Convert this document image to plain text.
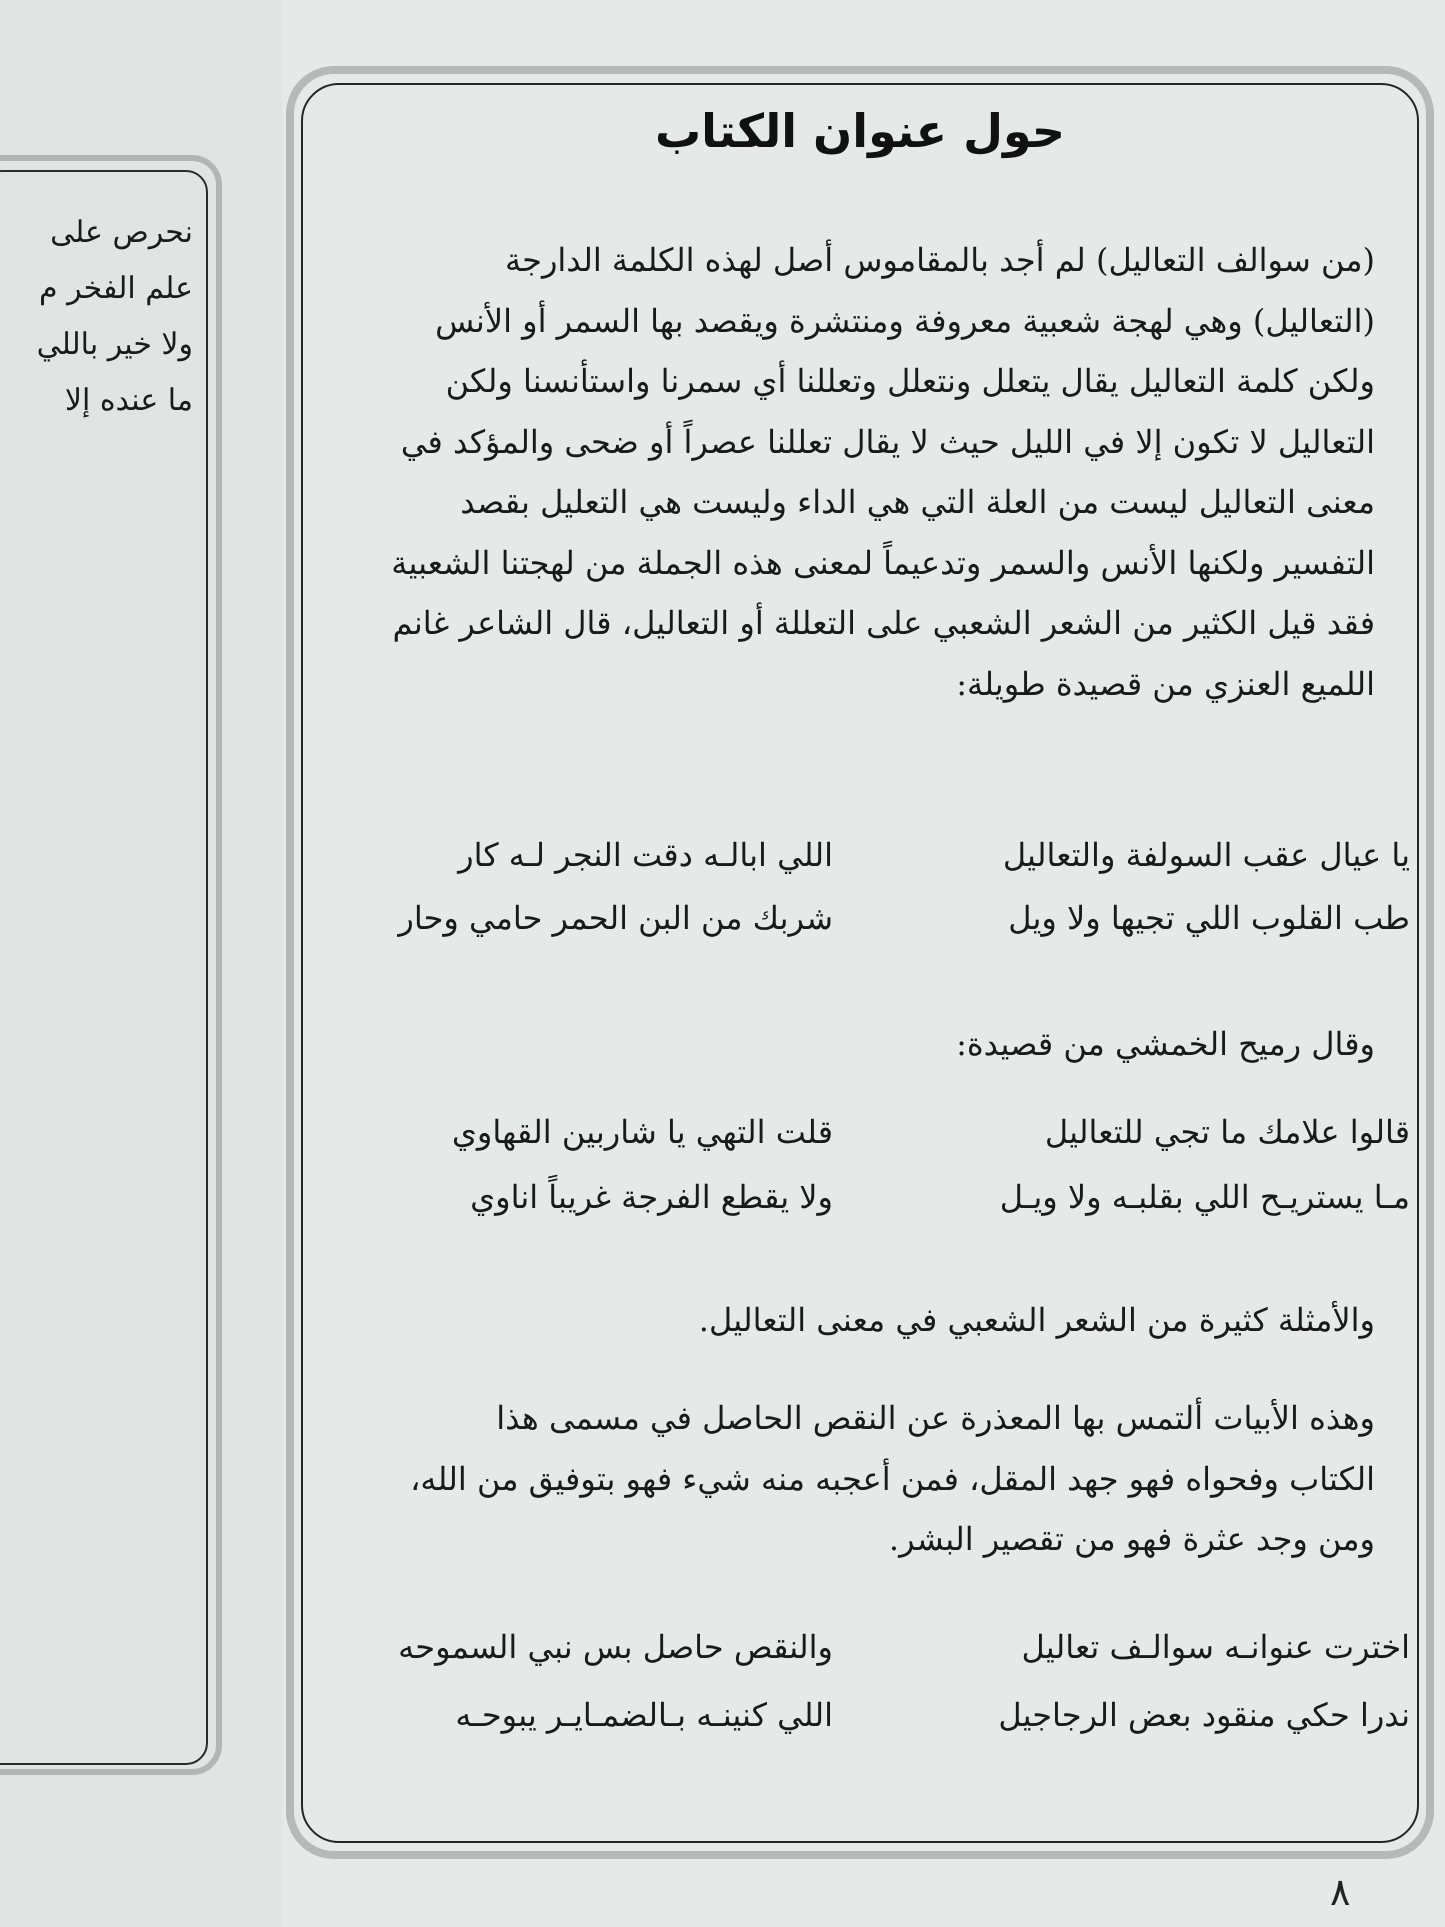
نحرص على
علم الفخر م
ولا خير باللي
ما عنده إلا
حول عنوان الكتاب
(من سوالف التعاليل) لم أجد بالمقاموس أصل لهذه الكلمة الدارجة
(التعاليل) وهي لهجة شعبية معروفة ومنتشرة ويقصد بها السمر أو الأنس
ولكن كلمة التعاليل يقال يتعلل ونتعلل وتعللنا أي سمرنا واستأنسنا ولكن
التعاليل لا تكون إلا في الليل حيث لا يقال تعللنا عصراً أو ضحى والمؤكد في
معنى التعاليل ليست من العلة التي هي الداء وليست هي التعليل بقصد
التفسير ولكنها الأنس والسمر وتدعيماً لمعنى هذه الجملة من لهجتنا الشعبية
فقد قيل الكثير من الشعر الشعبي على التعللة أو التعاليل، قال الشاعر غانم
اللميع العنزي من قصيدة طويلة:
يا عيال عقب السولفة والتعاليل
اللي ابالـه دقت النجر لـه كار
طب القلوب اللي تجيها ولا ويل
شربك من البن الحمر حامي وحار
وقال رميح الخمشي من قصيدة:
قالوا علامك ما تجي للتعاليل
قلت التهي يا شاربين القهاوي
مـا يستريـح اللي بقلبـه ولا ويـل
ولا يقطع الفرجة غريباً اناوي
والأمثلة كثيرة من الشعر الشعبي في معنى التعاليل.
وهذه الأبيات ألتمس بها المعذرة عن النقص الحاصل في مسمى هذا
الكتاب وفحواه فهو جهد المقل، فمن أعجبه منه شيء فهو بتوفيق من الله،
ومن وجد عثرة فهو من تقصير البشر.
اخترت عنوانـه سوالـف تعاليل
والنقص حاصل بس نبي السموحه
ندرا حكي منقود بعض الرجاجيل
اللي كنينـه بـالضمـايـر يبوحـه
٨
